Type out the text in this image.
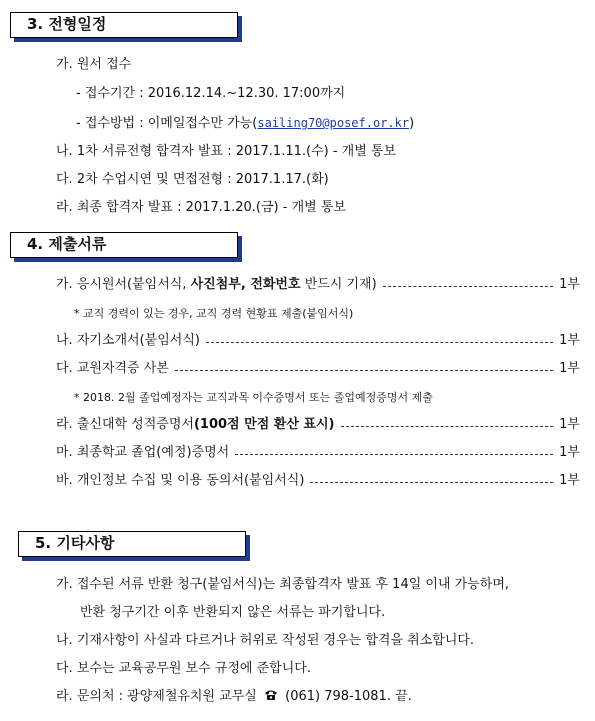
3. 전형일정
가. 원서 접수
- 접수기간 : 2016.12.14.~12.30. 17:00까지
- 접수방법 : 이메일접수만 가능(sailing70@posef.or.kr)
나. 1차 서류전형 합격자 발표 : 2017.1.11.(수) - 개별 통보
다. 2차 수업시연 및 면접전형 : 2017.1.17.(화)
라. 최종 합격자 발표 : 2017.1.20.(금) - 개별 통보
4. 제출서류
가. 응시원서(붙임서식, 사진첨부, 전화번호 반드시 기재)	1부
* 교직 경력이 있는 경우, 교직 경력 현황표 제출(붙임서식)
나. 자기소개서(붙임서식)	1부
다. 교원자격증 사본	1부
* 2018. 2월 졸업예정자는 교직과목 이수증명서 또는 졸업예정증명서 제출
라. 출신대학 성적증명서(100점 만점 환산 표시)	1부
마. 최종학교 졸업(예정)증명서	1부
바. 개인정보 수집 및 이용 동의서(붙임서식)	1부
5. 기타사항
가. 접수된 서류 반환 청구(붙임서식)는 최종합격자 발표 후 14일 이내 가능하며,
반환 청구기간 이후 반환되지 않은 서류는 파기합니다.
나. 기재사항이 사실과 다르거나 허위로 작성된 경우는 합격을 취소합니다.
다. 보수는 교육공무원 보수 규정에 준합니다.
라. 문의처 : 광양제철유치원 교무실 (061) 798-1081. 끝.
